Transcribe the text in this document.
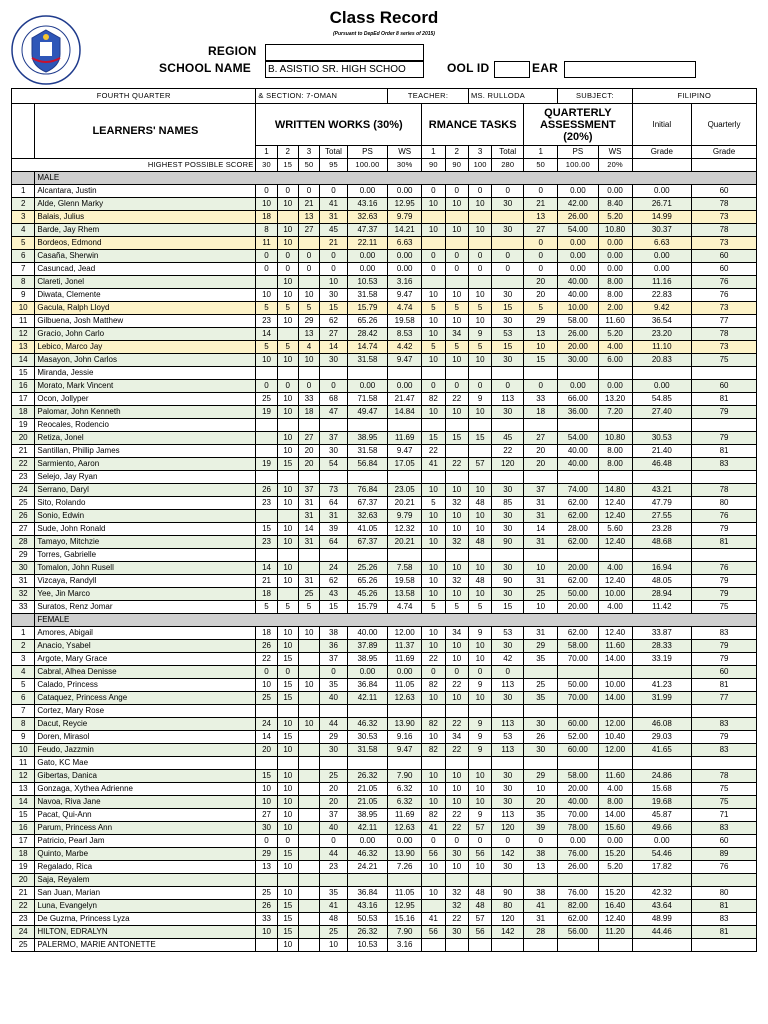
Class Record
(Pursuant to DepEd Order 8 series of 2015)
REGION
SCHOOL NAME	B. ASISTIO SR. HIGH SCHOO	OOL ID	EAR
FOURTH QUARTER		& SECTION: 7-OMAN					TEACHER:			MS. RULLODA			SUBJECT:		FILIPINO	
	LEARNERS' NAMES	WRITTEN WORKS (30%)						RMANCE TASKS				QUARTERLY ASSESSMENT (20%)			Initial	Quarterly
		1	2	3	Total	PS	WS	1	2	3	Total	1	PS	WS	Grade	Grade
HIGHEST POSSIBLE SCORE		30	15	50	95	100.00	30%	90	90	100	280	50	100.00	20%		
	MALE															
1	Alcantara, Justin	0	0	0	0	0.00	0.00	0	0	0	0	0	0.00	0.00	0.00	60
2	Alde, Glenn Marky	10	10	21	41	43.16	12.95	10	10	10	30	21	42.00	8.40	26.71	78
3	Balais, Julius	18		13	31	32.63	9.79					13	26.00	5.20	14.99	73
4	Barde, Jay Rhem	8	10	27	45	47.37	14.21	10	10	10	30	27	54.00	10.80	30.37	78
5	Bordeos, Edmond	11	10		21	22.11	6.63					0	0.00	0.00	6.63	73
6	Casaña, Sherwin	0	0	0	0	0.00	0.00	0	0	0	0	0	0.00	0.00	0.00	60
7	Casuncad, Jead	0	0	0	0	0.00	0.00	0	0	0	0	0	0.00	0.00	0.00	60
8	Clareti, Jonel		10		10	10.53	3.16					20	40.00	8.00	11.16	76
9	Diwata, Clemente	10	10	10	30	31.58	9.47	10	10	10	30	20	40.00	8.00	22.83	76
10	Gacula, Ralph Lloyd	5	5	5	15	15.79	4.74	5	5	5	15	5	10.00	2.00	9.42	73
11	Gilbuena, Josh Matthew	23	10	29	62	65.26	19.58	10	10	10	30	29	58.00	11.60	36.54	77
12	Gracio, John Carlo	14		13	27	28.42	8.53	10	34	9	53	13	26.00	5.20	23.20	78
13	Lebico, Marco Jay	5	5	4	14	14.74	4.42	5	5	5	15	10	20.00	4.00	11.10	73
14	Masayon, John Carlos	10	10	10	30	31.58	9.47	10	10	10	30	15	30.00	6.00	20.83	75
15	Miranda, Jessie															
16	Morato, Mark Vincent	0	0	0	0	0.00	0.00	0	0	0	0	0	0.00	0.00	0.00	60
17	Ocon, Jollyper	25	10	33	68	71.58	21.47	82	22	9	113	33	66.00	13.20	54.85	81
18	Palomar, John Kenneth	19	10	18	47	49.47	14.84	10	10	10	30	18	36.00	7.20	27.40	79
19	Reocales, Rodencio															
20	Retiza, Jonel		10	27	37	38.95	11.69	15	15	15	45	27	54.00	10.80	30.53	79
21	Santillan, Phillip James		10	20	30	31.58	9.47	22			22	20	40.00	8.00	21.40	81
22	Sarmiento, Aaron	19	15	20	54	56.84	17.05	41	22	57	120	20	40.00	8.00	46.48	83
23	Selejo, Jay Ryan															
24	Serrano, Daryl	26	10	37	73	76.84	23.05	10	10	10	30	37	74.00	14.80	43.21	78
25	Sito, Rolando	23	10	31	64	67.37	20.21	5	32	48	85	31	62.00	12.40	47.79	80
26	Sonio, Edwin			31	31	32.63	9.79	10	10	10	30	31	62.00	12.40	27.55	76
27	Sude, John Ronald	15	10	14	39	41.05	12.32	10	10	10	30	14	28.00	5.60	23.28	79
28	Tamayo, Mitchzie	23	10	31	64	67.37	20.21	10	32	48	90	31	62.00	12.40	48.68	81
29	Torres, Gabrielle															
30	Tomalon, John Rusell	14	10		24	25.26	7.58	10	10	10	30	10	20.00	4.00	16.94	76
31	Vizcaya, Randyll	21	10	31	62	65.26	19.58	10	32	48	90	31	62.00	12.40	48.05	79
32	Yee, Jin Marco	18		25	43	45.26	13.58	10	10	10	30	25	50.00	10.00	28.94	79
33	Suratos, Renz Jomar	5	5	5	15	15.79	4.74	5	5	5	15	10	20.00	4.00	11.42	75
	FEMALE															
1	Amores, Abigail	18	10	10	38	40.00	12.00	10	34	9	53	31	62.00	12.40	33.87	83
2	Anacio, Ysabel	26	10		36	37.89	11.37	10	10	10	30	29	58.00	11.60	28.33	79
3	Argote, Mary Grace	22	15		37	38.95	11.69	22	10	10	42	35	70.00	14.00	33.19	79
4	Cabral, Alhea Denisse	0	0		0	0.00	0.00	0	0	0	0					60
5	Calado, Princess	10	15	10	35	36.84	11.05	82	22	9	113	25	50.00	10.00	41.23	81
6	Cataquez, Princess Ange	25	15		40	42.11	12.63	10	10	10	30	35	70.00	14.00	31.99	77
7	Cortez, Mary Rose															
8	Dacut, Reycie	24	10	10	44	46.32	13.90	82	22	9	113	30	60.00	12.00	46.08	83
9	Doren, Mirasol	14	15		29	30.53	9.16	10	34	9	53	26	52.00	10.40	29.03	79
10	Feudo, Jazzmin	20	10		30	31.58	9.47	82	22	9	113	30	60.00	12.00	41.65	83
11	Gato, KC Mae															
12	Gibertas, Danica	15	10		25	26.32	7.90	10	10	10	30	29	58.00	11.60	24.86	78
13	Gonzaga, Xythea Adrienne	10	10		20	21.05	6.32	10	10	10	30	10	20.00	4.00	15.68	75
14	Navoa, Riva Jane	10	10		20	21.05	6.32	10	10	10	30	20	40.00	8.00	19.68	75
15	Pacat, Qui-Ann	27	10		37	38.95	11.69	82	22	9	113	35	70.00	14.00	45.87	71
16	Parum, Princess Ann	30	10		40	42.11	12.63	41	22	57	120	39	78.00	15.60	49.66	83
17	Patricio, Pearl Jam	0	0		0	0.00	0.00	0	0	0	0	0	0.00	0.00	0.00	60
18	Quinto, Marbe	29	15		44	46.32	13.90	56	30	56	142	38	76.00	15.20	54.46	89
19	Regalado, Rica	13	10		23	24.21	7.26	10	10	10	30	13	26.00	5.20	17.82	76
20	Saja, Reyalem															
21	San Juan, Marian	25	10		35	36.84	11.05	10	32	48	90	38	76.00	15.20	42.32	80
22	Luna, Evangelyn	26	15		41	43.16	12.95		32	48	80	41	82.00	16.40	43.64	81
23	De Guzma, Princess Lyza	33	15		48	50.53	15.16	41	22	57	120	31	62.00	12.40	48.99	83
24	HILTON, EDRALYN	10	15		25	26.32	7.90	56	30	56	142	28	56.00	11.20	44.46	81
25	PALERMO, MARIE ANTONETTE		10		10	10.53	3.16									
